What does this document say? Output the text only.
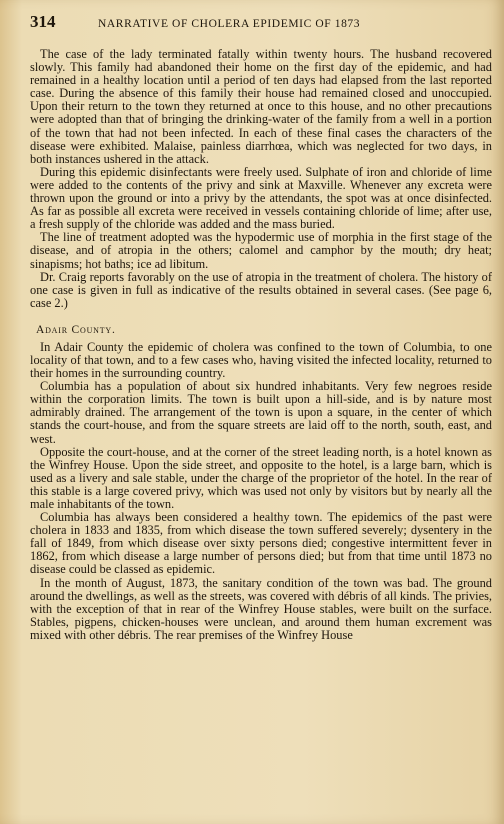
314	NARRATIVE OF CHOLERA EPIDEMIC OF 1873

The case of the lady terminated fatally within twenty hours. The husband recovered slowly. This family had abandoned their home on the first day of the epidemic, and had remained in a healthy location until a period of ten days had elapsed from the last reported case. During the absence of this family their house had remained closed and unoccupied. Upon their return to the town they returned at once to this house, and no other precautions were adopted than that of bringing the drinking-water of the family from a well in a portion of the town that had not been infected. In each of these final cases the characters of the disease were exhibited. Malaise, painless diarrhœa, which was neglected for two days, in both instances ushered in the attack.

During this epidemic disinfectants were freely used. Sulphate of iron and chloride of lime were added to the contents of the privy and sink at Maxville. Whenever any excreta were thrown upon the ground or into a privy by the attendants, the spot was at once disinfected. As far as possible all excreta were received in vessels containing chloride of lime; after use, a fresh supply of the chloride was added and the mass buried.

The line of treatment adopted was the hypodermic use of morphia in the first stage of the disease, and of atropia in the others; calomel and camphor by the mouth; dry heat; sinapisms; hot baths; ice ad libitum.

Dr. Craig reports favorably on the use of atropia in the treatment of cholera. The history of one case is given in full as indicative of the results obtained in several cases. (See page 6, case 2.)

Adair County.

In Adair County the epidemic of cholera was confined to the town of Columbia, to one locality of that town, and to a few cases who, having visited the infected locality, returned to their homes in the surrounding country.

Columbia has a population of about six hundred inhabitants. Very few negroes reside within the corporation limits. The town is built upon a hill-side, and is by nature most admirably drained. The arrangement of the town is upon a square, in the center of which stands the court-house, and from the square streets are laid off to the north, south, east, and west.

Opposite the court-house, and at the corner of the street leading north, is a hotel known as the Winfrey House. Upon the side street, and opposite to the hotel, is a large barn, which is used as a livery and sale stable, under the charge of the proprietor of the hotel. In the rear of this stable is a large covered privy, which was used not only by visitors but by nearly all the male inhabitants of the town.

Columbia has always been considered a healthy town. The epidemics of the past were cholera in 1833 and 1835, from which disease the town suffered severely; dysentery in the fall of 1849, from which disease over sixty persons died; congestive intermittent fever in 1862, from which disease a large number of persons died; but from that time until 1873 no disease could be classed as epidemic.

In the month of August, 1873, the sanitary condition of the town was bad. The ground around the dwellings, as well as the streets, was covered with débris of all kinds. The privies, with the exception of that in rear of the Winfrey House stables, were built on the surface. Stables, pigpens, chicken-houses were unclean, and around them human excrement was mixed with other débris. The rear premises of the Winfrey House
